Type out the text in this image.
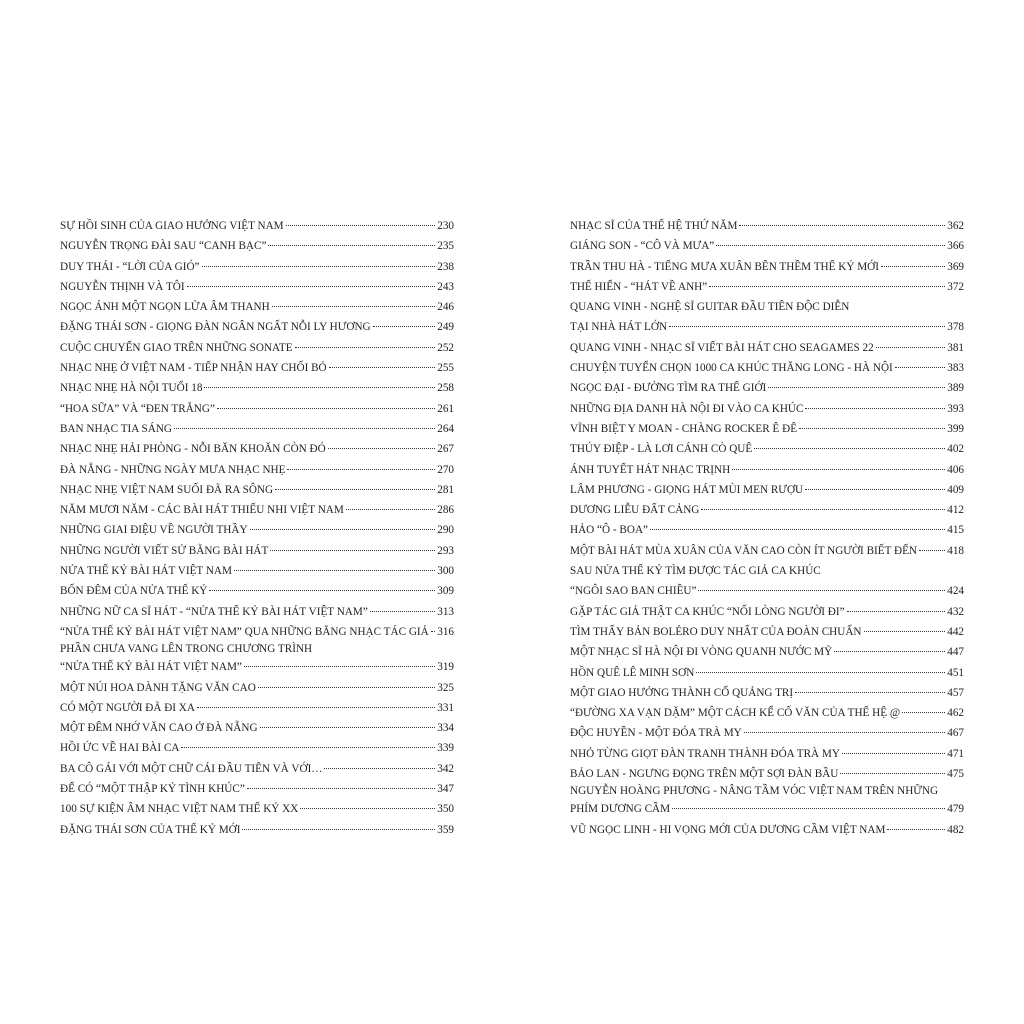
SỰ HỒI SINH CỦA GIAO HƯỞNG VIỆT NAM	230
NGUYỄN TRỌNG ĐÀI SAU “CANH BẠC”	235
DUY THÁI - “LỜI CỦA GIÓ”	238
NGUYỄN THỊNH VÀ TÔI	243
NGỌC ÁNH MỘT NGỌN LỬA ÂM THANH	246
ĐẶNG THÁI SƠN - GIỌNG ĐÀN NGÂN NGẤT NỖI LY HƯƠNG	249
CUỘC CHUYỂN GIAO TRÊN NHỮNG SONATE	252
NHẠC NHẸ Ở VIỆT NAM - TIẾP NHẬN HAY CHỐI BỎ	255
NHẠC NHẸ HÀ NỘI TUỔI 18	258
“HOA SỮA” VÀ “ĐEN TRẮNG”	261
BAN NHẠC TIA SÁNG	264
NHẠC NHẸ HẢI PHÒNG - NỖI BĂN KHOĂN CÒN ĐÓ	267
ĐÀ NẴNG - NHỮNG NGÀY MƯA NHẠC NHẸ	270
NHẠC NHẸ VIỆT NAM SUỐI ĐÃ RA SÔNG	281
NĂM MƯƠI NĂM - CÁC BÀI HÁT THIẾU NHI VIỆT NAM	286
NHỮNG GIAI ĐIỆU VỀ NGƯỜI THẦY	290
NHỮNG NGƯỜI VIẾT SỬ BẰNG BÀI HÁT	293
NỬA THẾ KỶ BÀI HÁT VIỆT NAM	300
BỐN ĐÊM CỦA NỬA THẾ KỶ	309
NHỮNG NỮ CA SĨ HÁT - “NỬA THẾ KỶ BÀI HÁT VIỆT NAM”	313
“NỬA THẾ KỶ BÀI HÁT VIỆT NAM” QUA NHỮNG BĂNG NHẠC TÁC GIẢ 316
PHẦN CHƯA VANG LÊN TRONG CHƯƠNG TRÌNH
“NỬA THẾ KỶ BÀI HÁT VIỆT NAM”	319
MỘT NÚI HOA DÀNH TẶNG VĂN CAO	325
CÓ MỘT NGƯỜI ĐÃ ĐI XA	331
MỘT ĐÊM NHỚ VĂN CAO Ở ĐÀ NẴNG	334
HỒI ỨC VỀ HAI BÀI CA	339
BA CÔ GÁI VỚI MỘT CHỮ CÁI ĐẦU TIÊN VÀ VỚI…	342
ĐỂ CÓ “MỘT THẬP KỶ TÌNH KHÚC”	347
100 SỰ KIỆN ÂM NHẠC VIỆT NAM THẾ KỶ XX	350
ĐẶNG THÁI SƠN CỦA THẾ KỶ MỚI	359
NHẠC SĨ CỦA THẾ HỆ THỨ NĂM	362
GIÁNG SON - “CÔ VÀ MƯA”	366
TRẦN THU HÀ - TIẾNG MƯA XUÂN BÊN THỀM THẾ KỶ MỚI	369
THẾ HIỂN - “HÁT VỀ ANH”	372
QUANG VINH - NGHỆ SĨ GUITAR ĐẦU TIÊN ĐỘC DIỄN
TẠI NHÀ HÁT LỚN	378
QUANG VINH - NHẠC SĨ VIẾT BÀI HÁT CHO SEAGAMES 22	381
CHUYỆN TUYỂN CHỌN 1000 CA KHÚC THĂNG LONG - HÀ NỘI	383
NGỌC ĐẠI - ĐƯỜNG TÌM RA THẾ GIỚI	389
NHỮNG ĐỊA DANH HÀ NỘI ĐI VÀO CA KHÚC	393
VĨNH BIỆT Y MOAN - CHÀNG ROCKER Ê ĐÊ	399
THÚY ĐIỆP - LÀ LƠI CÁNH CÒ QUÊ	402
ÁNH TUYẾT HÁT NHẠC TRỊNH	406
LÂM PHƯƠNG - GIỌNG HÁT MÙI MEN RƯỢU	409
DƯƠNG LIỄU ĐẤT CẢNG	412
HẢO “Ô - BOA”	415
MỘT BÀI HÁT MÙA XUÂN CỦA VĂN CAO CÒN ÍT NGƯỜI BIẾT ĐẾN	418
SAU NỬA THẾ KỶ TÌM ĐƯỢC TÁC GIẢ CA KHÚC
“NGÔI SAO BAN CHIỀU”	424
GẶP TÁC GIẢ THẬT CA KHÚC “NỐI LÒNG NGƯỜI ĐI”	432
TÌM THẤY BẢN BOLÉRO DUY NHẤT CỦA ĐOÀN CHUẨN	442
MỘT NHẠC SĨ HÀ NỘI ĐI VÒNG QUANH NƯỚC MỸ	447
HỒN QUÊ LÊ MINH SƠN	451
MỘT GIAO HƯỞNG THÀNH CỔ QUẢNG TRỊ	457
“ĐƯỜNG XA VẠN DẶM” MỘT CÁCH KỂ CỐ VĂN CỦA THẾ HỆ @	462
ĐỘC HUYỀN - MỘT ĐÓA TRÀ MY	467
NHỎ TỪNG GIỌT ĐÀN TRANH THÀNH ĐÓA TRÀ MY	471
BẢO LAN - NGƯNG ĐỌNG TRÊN MỘT SỢI ĐÀN BẦU	475
NGUYỄN HOÀNG PHƯƠNG - NÂNG TẦM VÓC VIỆT NAM TRÊN NHỮNG
PHÍM DƯƠNG CẦM	479
VŨ NGỌC LINH - HI VỌNG MỚI CỦA DƯƠNG CẦM VIỆT NAM	482
